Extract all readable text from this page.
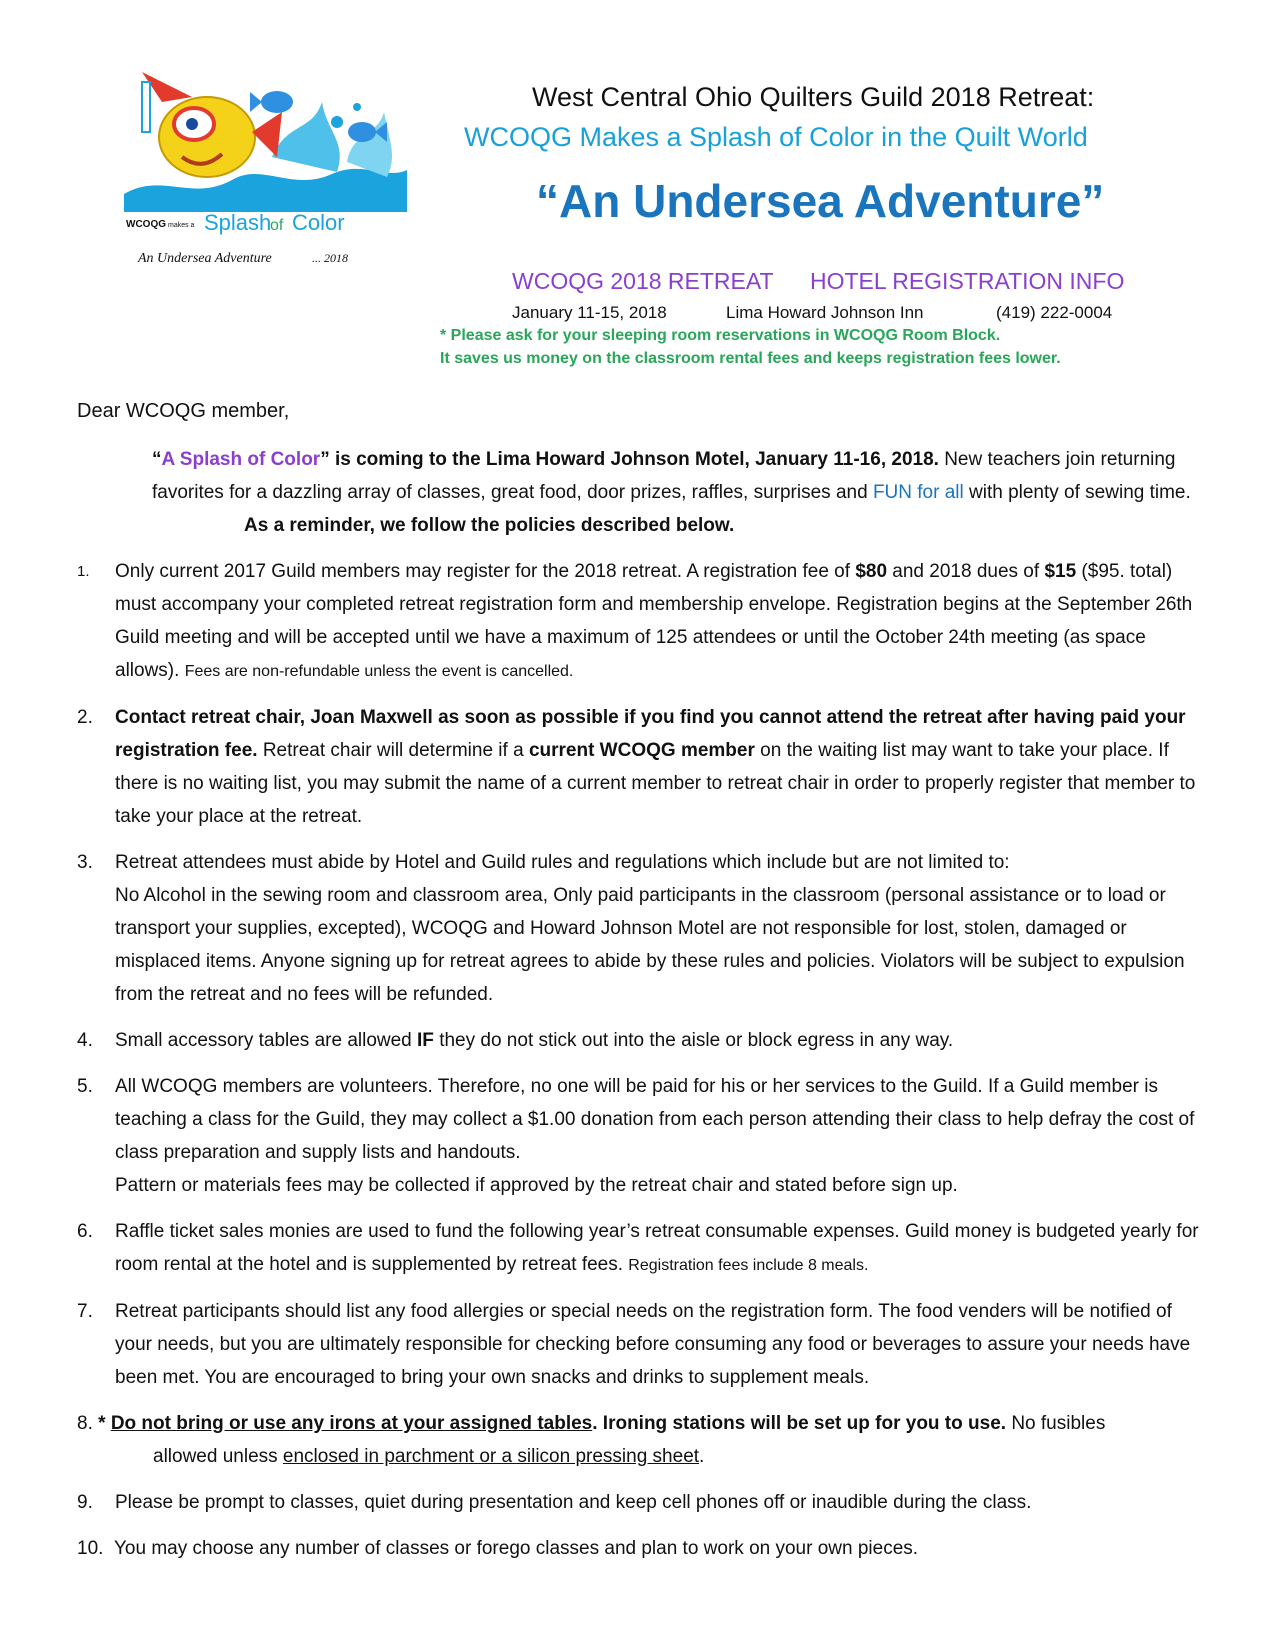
WCOQG makes a Splash
of Color
An Undersea Adventure	... 2018
West Central Ohio Quilters Guild 2018 Retreat:
WCOQG Makes a Splash of Color in the Quilt World
“An Undersea Adventure”
WCOQG 2018 RETREAT HOTEL REGISTRATION INFO
January 11-15, 2018	Lima Howard Johnson Inn	(419) 222-0004
* Please ask for your sleeping room reservations in WCOQG Room Block.
It saves us money on the classroom rental fees and keeps registration fees lower.
Dear WCOQG member,
“A Splash of Color” is coming to the Lima Howard Johnson Motel, January 11-16, 2018. New teachers join returning favorites for a dazzling array of classes, great food, door prizes, raffles, surprises and FUN for all with plenty of sewing time.As a reminder, we follow the policies described below.
1. Only current 2017 Guild members may register for the 2018 retreat. A registration fee of $80 and 2018 dues of $15 ($95. total) must accompany your completed retreat registration form and membership envelope. Registration begins at the September 26th Guild meeting and will be accepted until we have a maximum of 125 attendees or until the October 24th meeting (as space allows). Fees are non-refundable unless the event is cancelled.
2. Contact retreat chair, Joan Maxwell as soon as possible if you find you cannot attend the retreat after having paid your registration fee. Retreat chair will determine if a current WCOQG member on the waiting list may want to take your place. If there is no waiting list, you may submit the name of a current member to retreat chair in order to properly register that member to take your place at the retreat.
3. Retreat attendees must abide by Hotel and Guild rules and regulations which include but are not limited to:
No Alcohol in the sewing room and classroom area, Only paid participants in the classroom (personal assistance or to load or transport your supplies, excepted), WCOQG and Howard Johnson Motel are not responsible for lost, stolen, damaged or misplaced items. Anyone signing up for retreat agrees to abide by these rules and policies. Violators will be subject to expulsion from the retreat and no fees will be refunded.
4. Small accessory tables are allowed IF they do not stick out into the aisle or block egress in any way.
5. All WCOQG members are volunteers. Therefore, no one will be paid for his or her services to the Guild. If a Guild member is teaching a class for the Guild, they may collect a $1.00 donation from each person attending their class to help defray the cost of class preparation and supply lists and handouts.
Pattern or materials fees may be collected if approved by the retreat chair and stated before sign up.
6. Raffle ticket sales monies are used to fund the following year’s retreat consumable expenses. Guild money is budgeted yearly for room rental at the hotel and is supplemented by retreat fees. Registration fees include 8 meals.
7. Retreat participants should list any food allergies or special needs on the registration form. The food venders will be notified of your needs, but you are ultimately responsible for checking before consuming any food or beverages to assure your needs have been met. You are encouraged to bring your own snacks and drinks to supplement meals.
8. * Do not bring or use any irons at your assigned tables. Ironing stations will be set up for you to use. No fusibles
allowed unless enclosed in parchment or a silicon pressing sheet.
9. Please be prompt to classes, quiet during presentation and keep cell phones off or inaudible during the class.
10. You may choose any number of classes or forego classes and plan to work on your own pieces.
